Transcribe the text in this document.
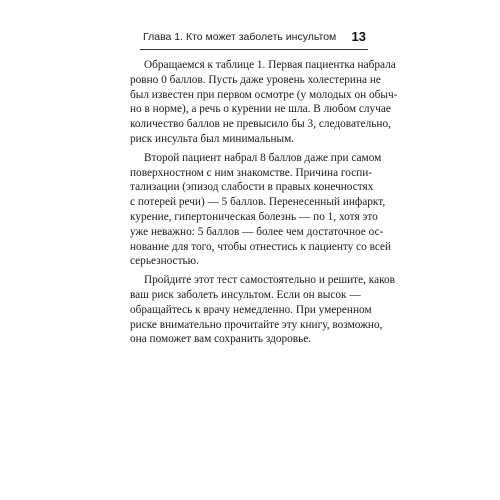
Глава 1. Кто может заболеть инсультом 13

Обращаемся к таблице 1. Первая пациентка набрала
ровно 0 баллов. Пусть даже уровень холестерина не
был известен при первом осмотре (у молодых он обыч-
но в норме), а речь о курении не шла. В любом случае
количество баллов не превысило бы 3, следовательно,
риск инсульта был минимальным.

Второй пациент набрал 8 баллов даже при самом
поверхностном с ним знакомстве. Причина госпи-
тализации (эпизод слабости в правых конечностях
с потерей речи) — 5 баллов. Перенесенный инфаркт,
курение, гипертоническая болезнь — по 1, хотя это
уже неважно: 5 баллов — более чем достаточное ос-
нование для того, чтобы отнестись к пациенту со всей
серьезностью.

Пройдите этот тест самостоятельно и решите, каков
ваш риск заболеть инсультом. Если он высок —
обращайтесь к врачу немедленно. При умеренном
риске внимательно прочитайте эту книгу, возможно,
она поможет вам сохранить здоровье.
